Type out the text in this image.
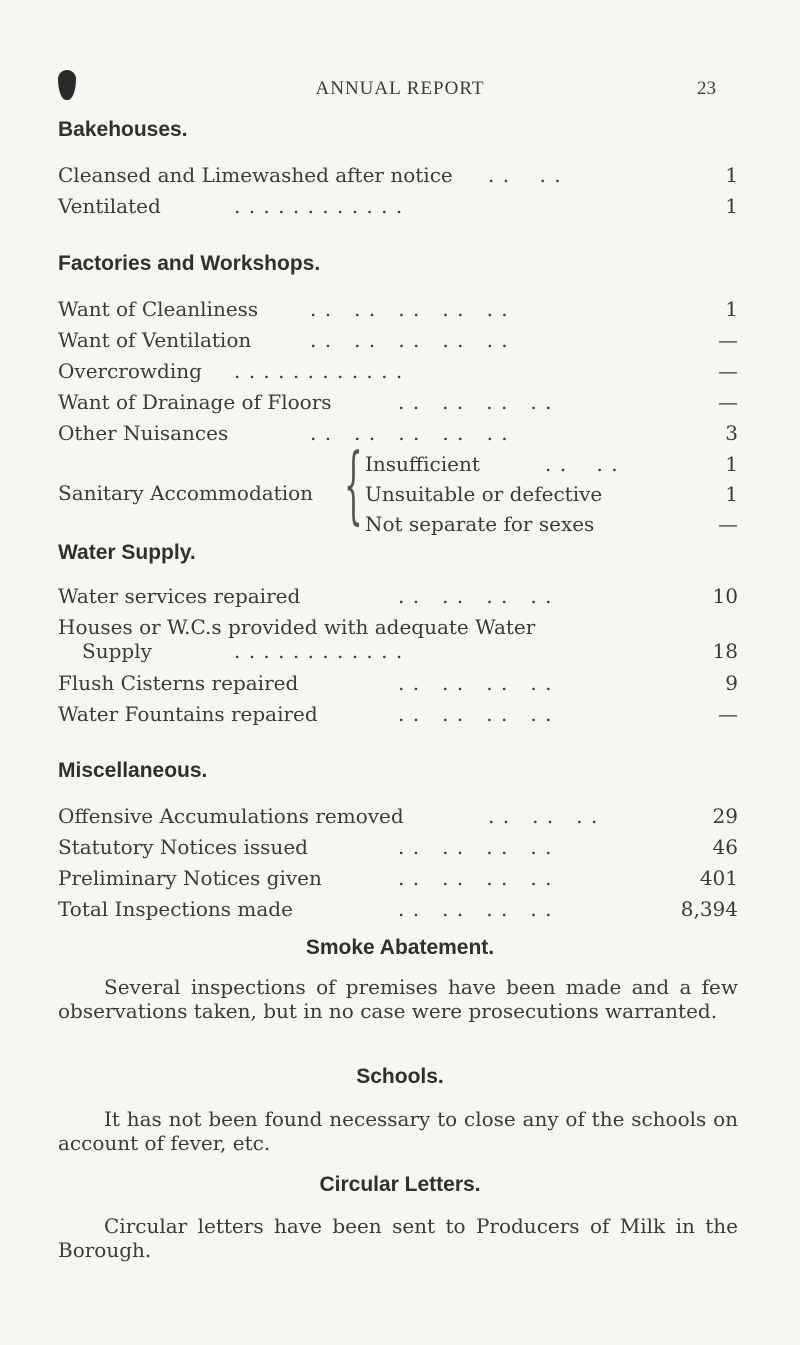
ANNUAL REPORT	23
Bakehouses.
Cleansed and Limewashed after notice . .    . .	1
Ventilated	. . . . . . . . . . . .	1
Factories and Workshops.
Want of Cleanliness	. .   . .   . .   . .   . .	1
Want of Ventilation	. .   . .   . .   . .   . .	—
Overcrowding . . . . . . . . . . . .	—
Want of Drainage of Floors	. .   . .   . .   . .	—
Other Nuisances	. .   . .   . .   . .   . .	3
Sanitary Accommodation { Insufficient	. .    . .	1
Unsuitable or defective	1
Not separate for sexes	—
Water Supply.
Water services repaired	. .   . .   . .   . .	10
Houses or W.C.s provided with adequate Water
Supply	. . . . . . . . . . . .	18
Flush Cisterns repaired	. .   . .   . .   . .	9
Water Fountains repaired	. .   . .   . .   . .	—
Miscellaneous.
Offensive Accumulations removed	. .   . .   . .	29
Statutory Notices issued	. .   . .   . .   . .	46
Preliminary Notices given	. .   . .   . .   . .	401
Total Inspections made	. .   . .   . .   . .	8,394
Smoke Abatement.
Several inspections of premises have been made and a few observations taken, but in no case were prosecutions warranted.
Schools.
It has not been found necessary to close any of the schools on account of fever, etc.
Circular Letters.
Circular letters have been sent to Producers of Milk in the Borough.
